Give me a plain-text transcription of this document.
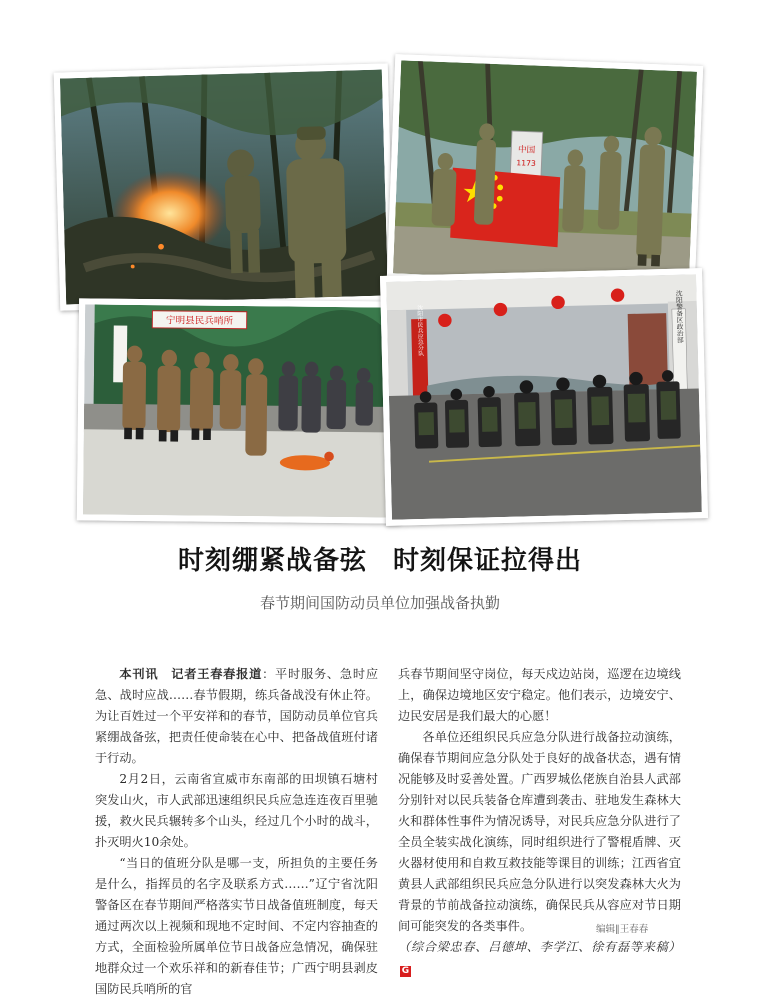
中国
1173
宁明县民兵哨所	沈阳市民兵应急分队	沈阳警备区政治部
时刻绷紧战备弦 时刻保证拉得出
春节期间国防动员单位加强战备执勤

本刊讯  记者王春春报道：平时服务、急时应急、战时应战……春节假期，练兵备战没有休止符。为让百姓过一个平安祥和的春节，国防动员单位官兵紧绷战备弦，把责任使命装在心中、把备战值班付诸于行动。

2月2日，云南省宣威市东南部的田坝镇石塘村突发山火，市人武部迅速组织民兵应急连连夜百里驰援，救火民兵辗转多个山头，经过几个小时的战斗，扑灭明火10余处。

“当日的值班分队是哪一支，所担负的主要任务是什么，指挥员的名字及联系方式……”辽宁省沈阳警备区在春节期间严格落实节日战备值班制度，每天通过两次以上视频和现地不定时间、不定内容抽查的方式，全面检验所属单位节日战备应急情况，确保驻地群众过一个欢乐祥和的新春佳节；广西宁明县剥皮国防民兵哨所的官

兵春节期间坚守岗位，每天戍边站岗，巡逻在边境线上，确保边境地区安宁稳定。他们表示，边境安宁、边民安居是我们最大的心愿！

各单位还组织民兵应急分队进行战备拉动演练，确保春节期间应急分队处于良好的战备状态，遇有情况能够及时妥善处置。广西罗城仫佬族自治县人武部分别针对以民兵装备仓库遭到袭击、驻地发生森林大火和群体性事件为情况诱导，对民兵应急分队进行了全员全装实战化演练，同时组织进行了警棍盾牌、灭火器材使用和自救互救技能等课目的训练；江西省宜黄县人武部组织民兵应急分队进行以突发森林大火为背景的节前战备拉动演练，确保民兵从容应对节日期间可能突发的各类事件。

（综合梁忠春、吕德坤、李学江、徐有磊等来稿）G

编辑∥王春春
